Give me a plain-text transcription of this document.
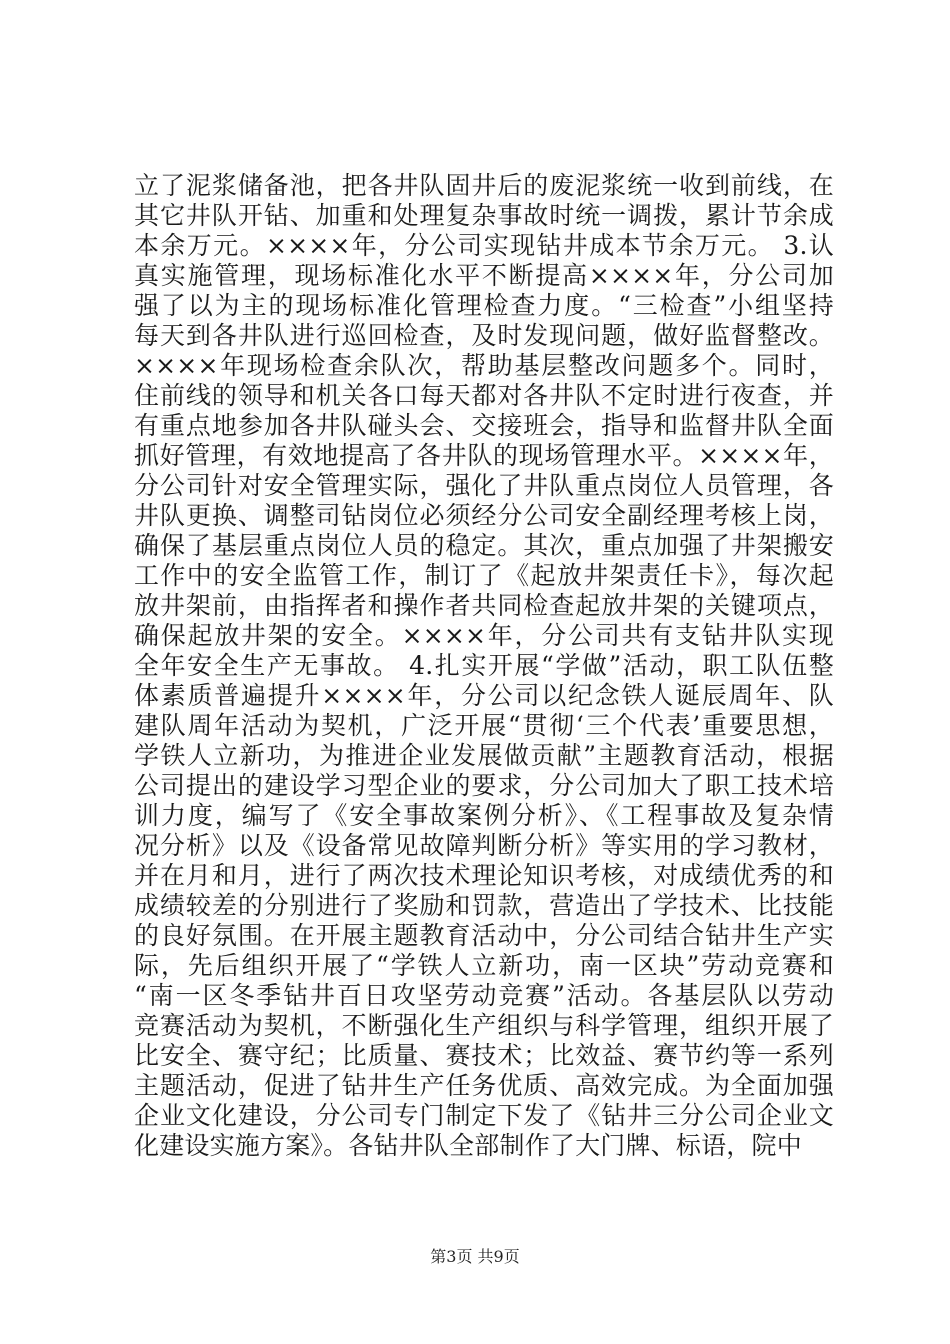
立了泥浆储备池，把各井队固井后的废泥浆统一收到前线，在
其它井队开钻、加重和处理复杂事故时统一调拨，累计节余成
本余万元。××××年，分公司实现钻井成本节余万元。 3.认
真实施管理，现场标准化水平不断提高××××年，分公司加
强了以为主的现场标准化管理检查力度。“三检查”小组坚持
每天到各井队进行巡回检查，及时发现问题，做好监督整改。
××××年现场检查余队次，帮助基层整改问题多个。同时，
住前线的领导和机关各口每天都对各井队不定时进行夜查，并
有重点地参加各井队碰头会、交接班会，指导和监督井队全面
抓好管理，有效地提高了各井队的现场管理水平。××××年，
分公司针对安全管理实际，强化了井队重点岗位人员管理，各
井队更换、调整司钻岗位必须经分公司安全副经理考核上岗，
确保了基层重点岗位人员的稳定。其次，重点加强了井架搬安
工作中的安全监管工作，制订了《起放井架责任卡》，每次起
放井架前，由指挥者和操作者共同检查起放井架的关键项点，
确保起放井架的安全。××××年，分公司共有支钻井队实现
全年安全生产无事故。 4.扎实开展“学做”活动，职工队伍整
体素质普遍提升××××年，分公司以纪念铁人诞辰周年、队
建队周年活动为契机，广泛开展“贯彻‘三个代表’重要思想，
学铁人立新功，为推进企业发展做贡献”主题教育活动，根据
公司提出的建设学习型企业的要求，分公司加大了职工技术培
训力度，编写了《安全事故案例分析》、《工程事故及复杂情
况分析》以及《设备常见故障判断分析》等实用的学习教材，
并在月和月，进行了两次技术理论知识考核，对成绩优秀的和
成绩较差的分别进行了奖励和罚款，营造出了学技术、比技能
的良好氛围。在开展主题教育活动中，分公司结合钻井生产实
际，先后组织开展了“学铁人立新功，南一区块”劳动竞赛和
“南一区冬季钻井百日攻坚劳动竞赛”活动。各基层队以劳动
竞赛活动为契机，不断强化生产组织与科学管理，组织开展了
比安全、赛守纪；比质量、赛技术；比效益、赛节约等一系列
主题活动，促进了钻井生产任务优质、高效完成。为全面加强
企业文化建设，分公司专门制定下发了《钻井三分公司企业文
化建设实施方案》。各钻井队全部制作了大门牌、标语，院中
第3页 共9页
